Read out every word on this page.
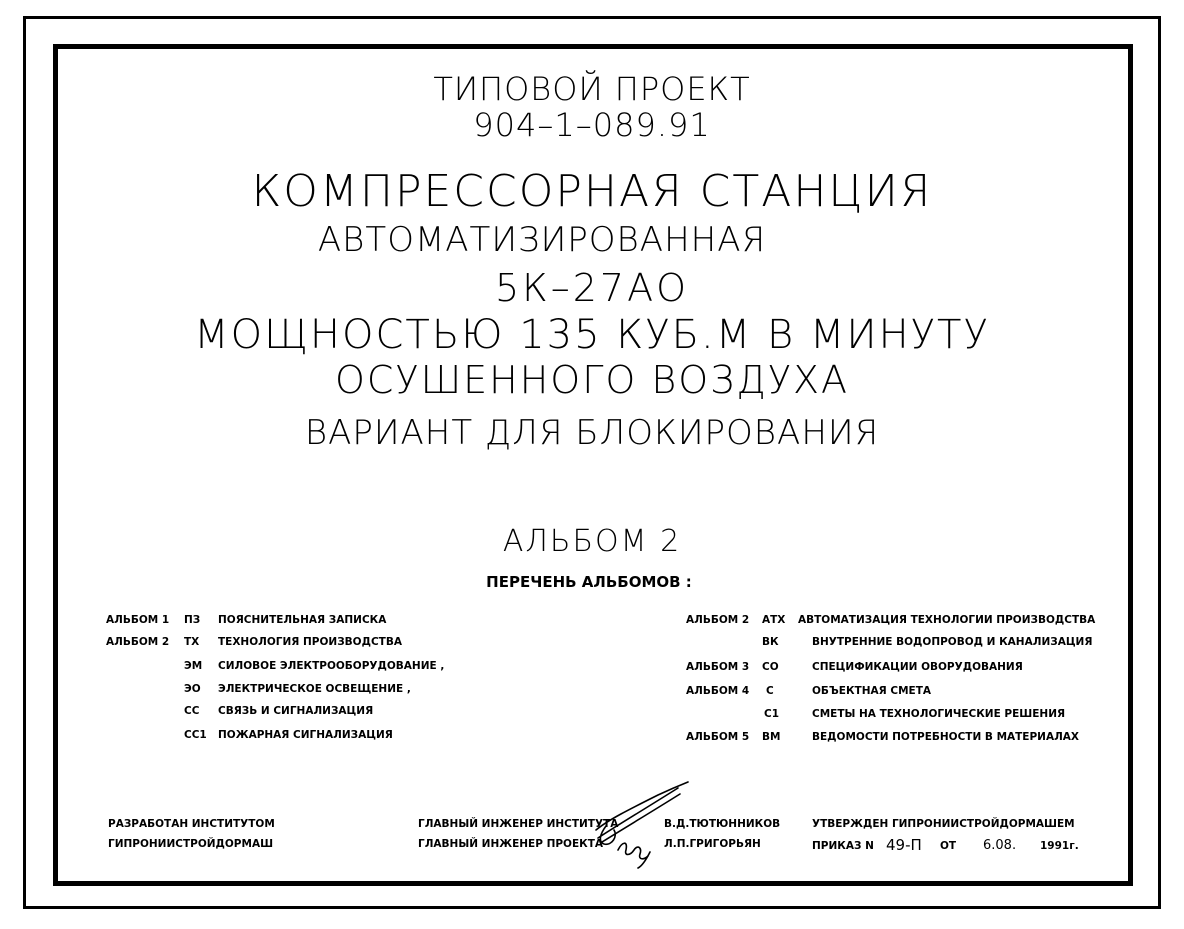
ТИПОВОЙ ПРОЕКТ
904–1–089.91
КОМПРЕССОРНАЯ СТАНЦИЯ
АВТОМАТИЗИРОВАННАЯ
5К–27АО
МОЩНОСТЬЮ 135 КУБ.М В МИНУТУ
ОСУШЕННОГО ВОЗДУХА
ВАРИАНТ ДЛЯ БЛОКИРОВАНИЯ
АЛЬБОМ 2
ПЕРЕЧЕНЬ АЛЬБОМОВ :
АЛЬБОМ 1 ПЗ ПОЯСНИТЕЛЬНАЯ ЗАПИСКА
АЛЬБОМ 2 ТХ ТЕХНОЛОГИЯ ПРОИЗВОДСТВА
ЭМ СИЛОВОЕ ЭЛЕКТРООБОРУДОВАНИЕ ,
ЭО ЭЛЕКТРИЧЕСКОЕ ОСВЕЩЕНИЕ ,
СС СВЯЗЬ И СИГНАЛИЗАЦИЯ
СС1 ПОЖАРНАЯ СИГНАЛИЗАЦИЯ
АЛЬБОМ 2 АТХ АВТОМАТИЗАЦИЯ ТЕХНОЛОГИИ ПРОИЗВОДСТВА
ВК	ВНУТРЕННИЕ ВОДОПРОВОД И КАНАЛИЗАЦИЯ
АЛЬБОМ 3 СО	СПЕЦИФИКАЦИИ ОВОРУДОВАНИЯ
АЛЬБОМ 4 С	ОБЪЕКТНАЯ СМЕТА
С1	СМЕТЫ НА ТЕХНОЛОГИЧЕСКИЕ РЕШЕНИЯ
АЛЬБОМ 5 ВМ	ВЕДОМОСТИ ПОТРЕБНОСТИ В МАТЕРИАЛАХ
РАЗРАБОТАН ИНСТИТУТОМ
ГИПРОНИИСТРОЙДОРМАШ
ГЛАВНЫЙ ИНЖЕНЕР ИНСТИТУТА
ГЛАВНЫЙ ИНЖЕНЕР ПРОЕКТА
В.Д.ТЮТЮННИКОВ
Л.П.ГРИГОРЬЯН
УТВЕРЖДЕН ГИПРОНИИСТРОЙДОРМАШЕМ
ПРИКАЗ N 49-П ОТ 6.08. 1991г.
